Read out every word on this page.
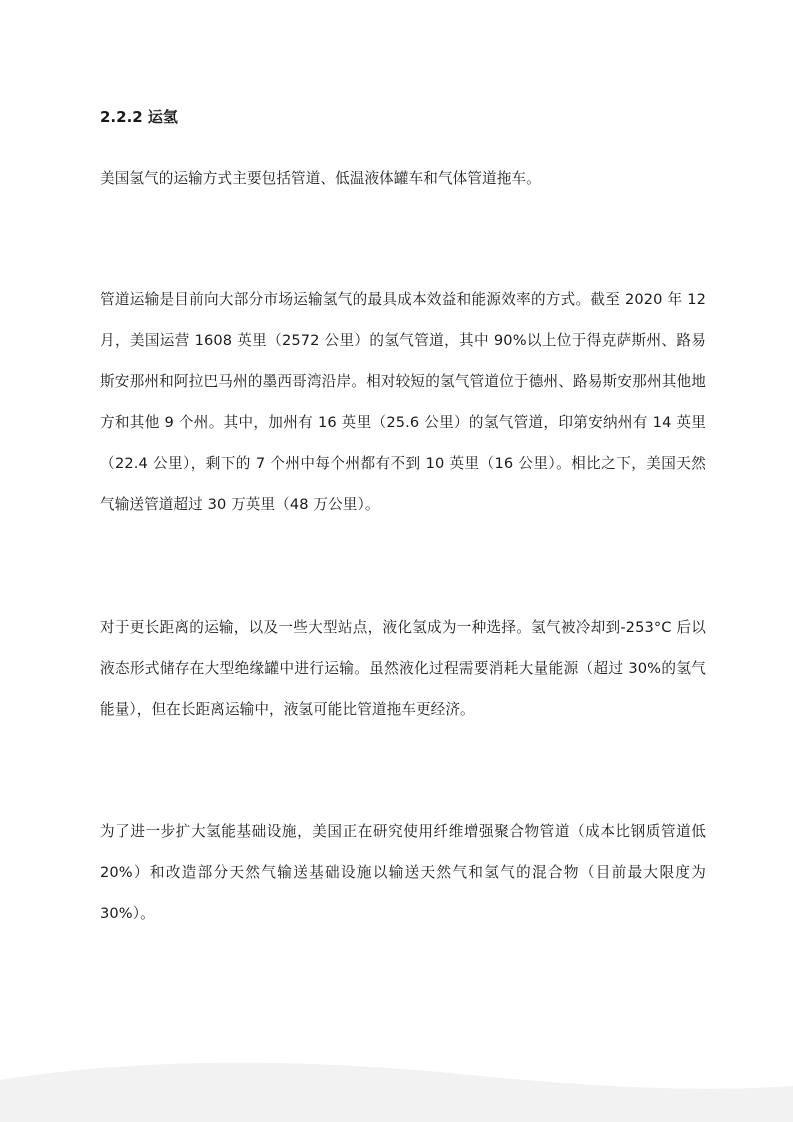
2.2.2 运氢

美国氢气的运输方式主要包括管道、低温液体罐车和气体管道拖车。

管道运输是目前向大部分市场运输氢气的最具成本效益和能源效率的方式。截至 2020 年 12 月，美国运营 1608 英里（2572 公里）的氢气管道，其中 90%以上位于得克萨斯州、路易斯安那州和阿拉巴马州的墨西哥湾沿岸。相对较短的氢气管道位于德州、路易斯安那州其他地方和其他 9 个州。其中，加州有 16 英里（25.6 公里）的氢气管道，印第安纳州有 14 英里（22.4 公里），剩下的 7 个州中每个州都有不到 10 英里（16 公里）。相比之下，美国天然气输送管道超过 30 万英里（48 万公里）。

对于更长距离的运输，以及一些大型站点，液化氢成为一种选择。氢气被冷却到-253°C 后以液态形式储存在大型绝缘罐中进行运输。虽然液化过程需要消耗大量能源（超过 30%的氢气能量），但在长距离运输中，液氢可能比管道拖车更经济。

为了进一步扩大氢能基础设施，美国正在研究使用纤维增强聚合物管道（成本比钢质管道低 20%）和改造部分天然气输送基础设施以输送天然气和氢气的混合物（目前最大限度为 30%）。
